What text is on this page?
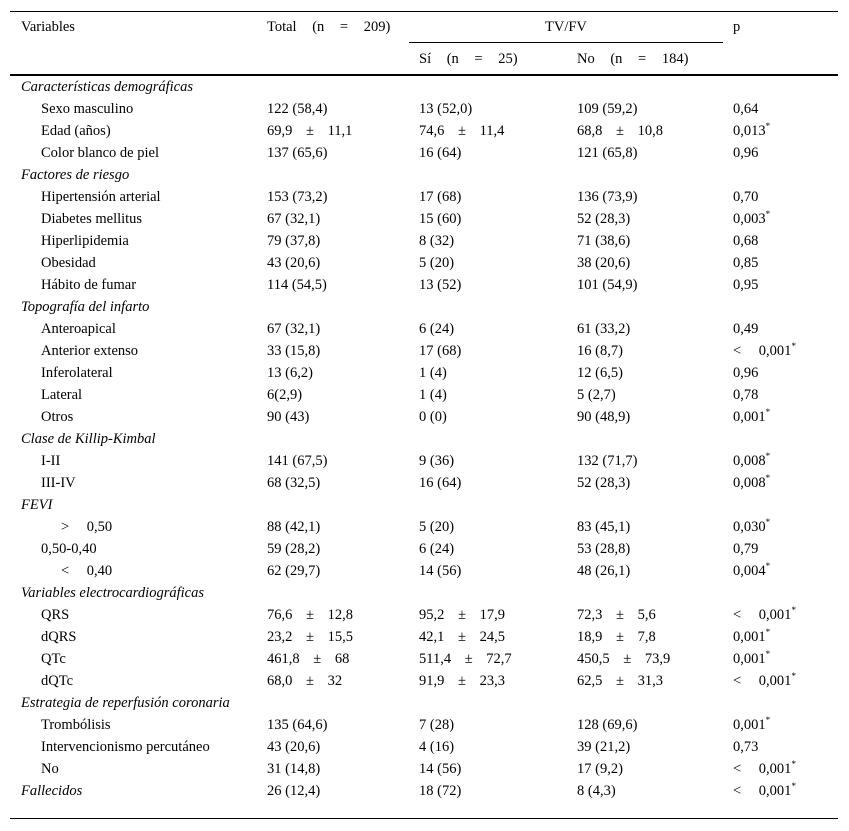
Variables	Total (n = 209)	TV/FV	p
Sí (n = 25)	No (n = 184)
Características demográficas
Sexo masculino	122 (58,4)	13 (52,0)	109 (59,2)	0,64
Edad (años)	69,9 ± 11,1	74,6 ± 11,4	68,8 ± 10,8	0,013*
Color blanco de piel	137 (65,6)	16 (64)	121 (65,8)	0,96
Factores de riesgo
Hipertensión arterial	153 (73,2)	17 (68)	136 (73,9)	0,70
Diabetes mellitus	67 (32,1)	15 (60)	52 (28,3)	0,003*
Hiperlipidemia	79 (37,8)	8 (32)	71 (38,6)	0,68
Obesidad	43 (20,6)	5 (20)	38 (20,6)	0,85
Hábito de fumar	114 (54,5)	13 (52)	101 (54,9)	0,95
Topografía del infarto
Anteroapical	67 (32,1)	6 (24)	61 (33,2)	0,49
Anterior extenso	33 (15,8)	17 (68)	16 (8,7)	< 0,001*
Inferolateral	13 (6,2)	1 (4)	12 (6,5)	0,96
Lateral	6(2,9)	1 (4)	5 (2,7)	0,78
Otros	90 (43)	0 (0)	90 (48,9)	0,001*
Clase de Killip-Kimbal
I-II	141 (67,5)	9 (36)	132 (71,7)	0,008*
III-IV	68 (32,5)	16 (64)	52 (28,3)	0,008*
FEVI
> 0,50	88 (42,1)	5 (20)	83 (45,1)	0,030*
0,50-0,40	59 (28,2)	6 (24)	53 (28,8)	0,79
< 0,40	62 (29,7)	14 (56)	48 (26,1)	0,004*
Variables electrocardiográficas
QRS	76,6 ± 12,8	95,2 ± 17,9	72,3 ± 5,6	< 0,001*
dQRS	23,2 ± 15,5	42,1 ± 24,5	18,9 ± 7,8	0,001*
QTc	461,8 ± 68	511,4 ± 72,7	450,5 ± 73,9	0,001*
dQTc	68,0 ± 32	91,9 ± 23,3	62,5 ± 31,3	< 0,001*
Estrategia de reperfusión coronaria
Trombólisis	135 (64,6)	7 (28)	128 (69,6)	0,001*
Intervencionismo percutáneo	43 (20,6)	4 (16)	39 (21,2)	0,73
No	31 (14,8)	14 (56)	17 (9,2)	< 0,001*
Fallecidos	26 (12,4)	18 (72)	8 (4,3)	< 0,001*
